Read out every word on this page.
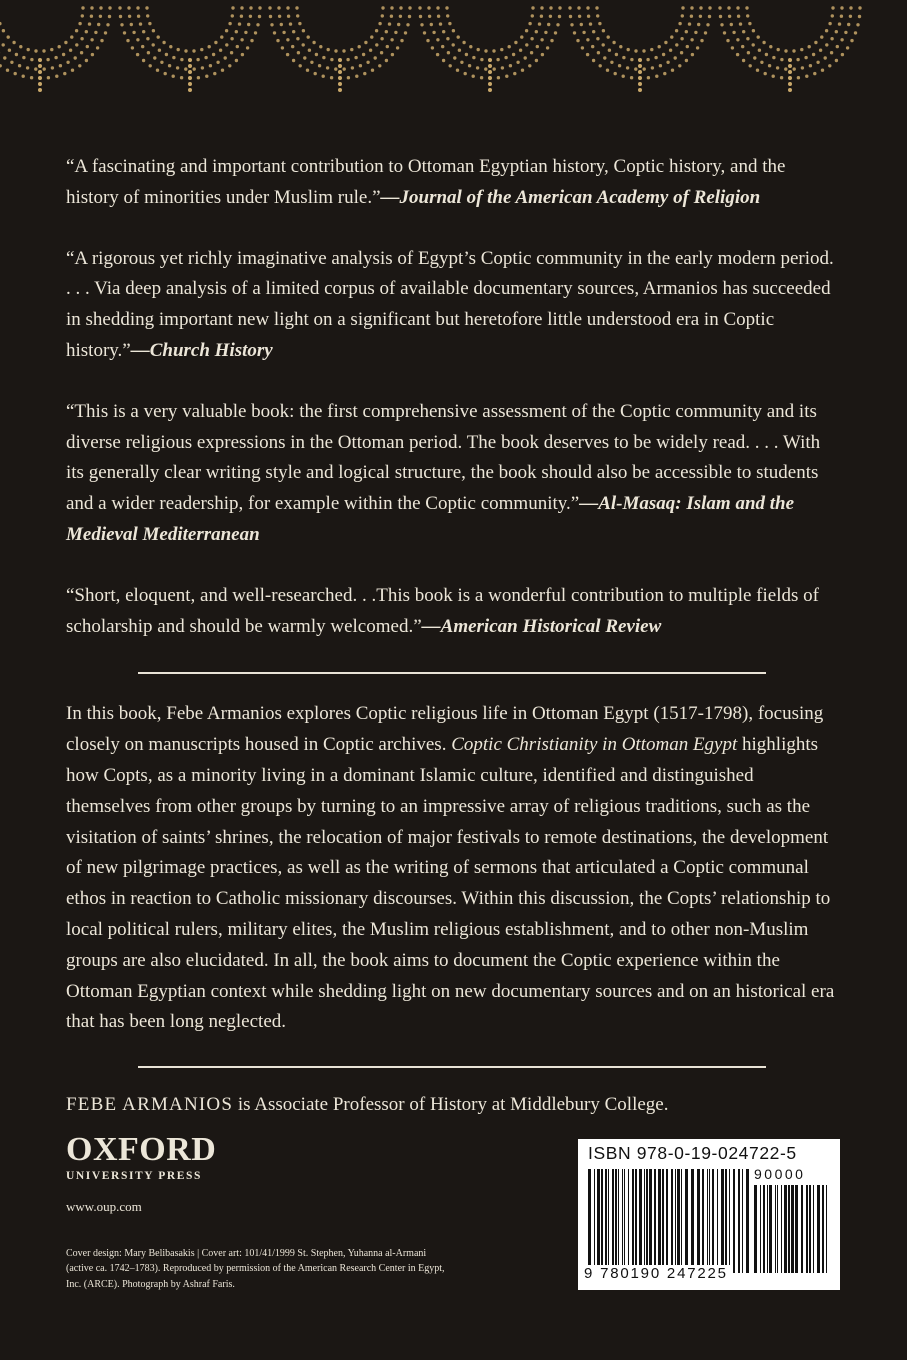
“A fascinating and important contribution to Ottoman Egyptian history, Coptic history, and the history of minorities under Muslim rule.”—Journal of the American Academy of Religion

“A rigorous yet richly imaginative analysis of Egypt’s Coptic community in the early modern period. . . . Via deep analysis of a limited corpus of available documentary sources, Armanios has succeeded in shedding important new light on a significant but heretofore little understood era in Coptic history.”—Church History

“This is a very valuable book: the first comprehensive assessment of the Coptic community and its diverse religious expressions in the Ottoman period. The book deserves to be widely read. . . . With its generally clear writing style and logical structure, the book should also be accessible to students and a wider readership, for example within the Coptic community.”—Al-Masaq: Islam and the Medieval Mediterranean

“Short, eloquent, and well-researched. . .This book is a wonderful contribution to multiple fields of scholarship and should be warmly welcomed.”—American Historical Review

In this book, Febe Armanios explores Coptic religious life in Ottoman Egypt (1517-1798), focusing closely on manuscripts housed in Coptic archives. Coptic Christianity in Ottoman Egypt highlights how Copts, as a minority living in a dominant Islamic culture, identified and distinguished themselves from other groups by turning to an impressive array of religious traditions, such as the visitation of saints’ shrines, the relocation of major festivals to remote destinations, the development of new pilgrimage practices, as well as the writing of sermons that articulated a Coptic communal ethos in reaction to Catholic missionary discourses. Within this discussion, the Copts’ relationship to local political rulers, military elites, the Muslim religious establishment, and to other non-Muslim groups are also elucidated. In all, the book aims to document the Coptic experience within the Ottoman Egyptian context while shedding light on new documentary sources and on an historical era that has been long neglected.

FEBE ARMANIOS is Associate Professor of History at Middlebury College.

OXFORD
UNIVERSITY PRESS
www.oup.com
Cover design: Mary Belibasakis | Cover art: 101/41/1999 St. Stephen, Yuhanna al-Armani (active ca. 1742–1783). Reproduced by permission of the American Research Center in Egypt, Inc. (ARCE). Photograph by Ashraf Faris.
ISBN 978-0-19-024722-5
90000
9 780190 247225
